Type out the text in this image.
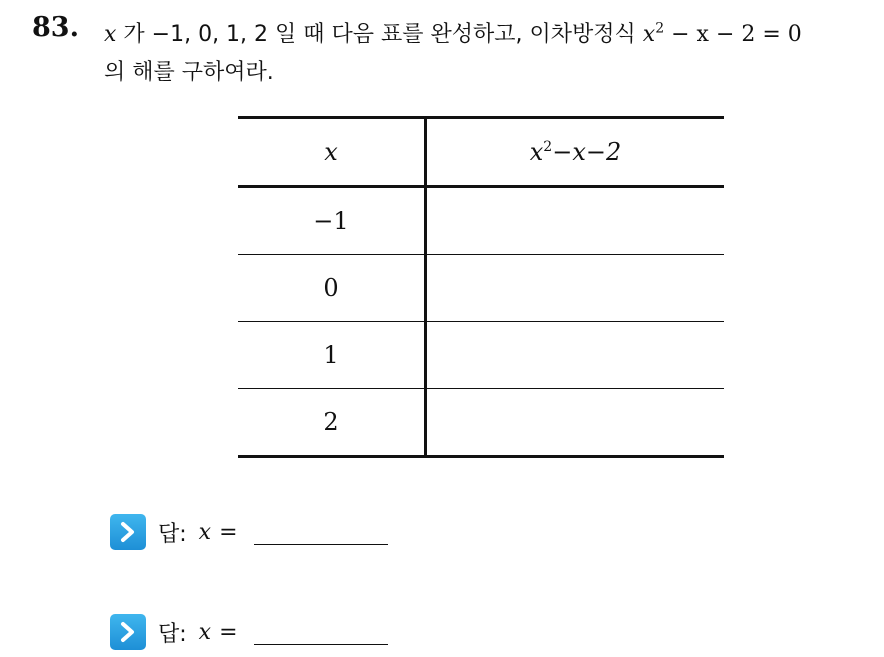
83. x 가 −1, 0, 1, 2 일 때 다음 표를 완성하고, 이차방정식 $x^2 - x - 2 = 0$
의 해를 구하여라.
x	$x^2-x-2$
−1	
0	
1	
2	
답: x =
답: x =
